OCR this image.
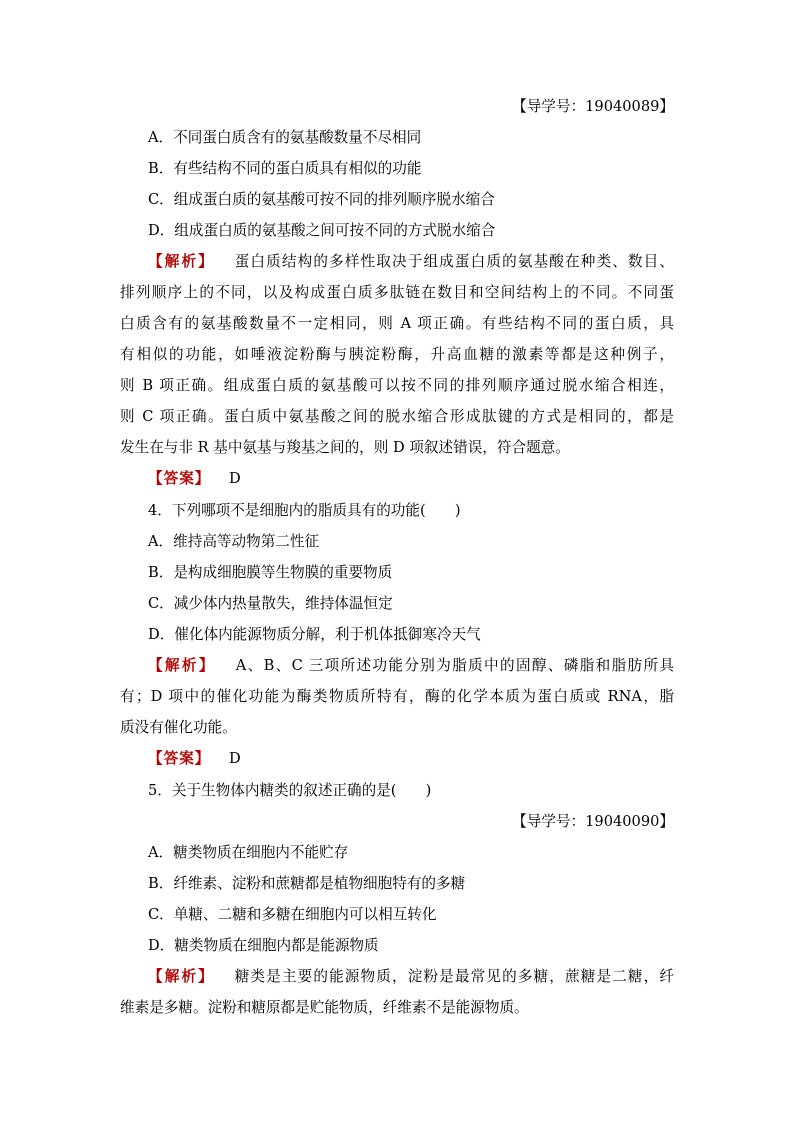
【导学号：19040089】
A．不同蛋白质含有的氨基酸数量不尽相同
B．有些结构不同的蛋白质具有相似的功能
C．组成蛋白质的氨基酸可按不同的排列顺序脱水缩合
D．组成蛋白质的氨基酸之间可按不同的方式脱水缩合
【解析】 蛋白质结构的多样性取决于组成蛋白质的氨基酸在种类、数目、
排列顺序上的不同，以及构成蛋白质多肽链在数目和空间结构上的不同。不同蛋
白质含有的氨基酸数量不一定相同，则 A 项正确。有些结构不同的蛋白质，具
有相似的功能，如唾液淀粉酶与胰淀粉酶，升高血糖的激素等都是这种例子，
则 B 项正确。组成蛋白质的氨基酸可以按不同的排列顺序通过脱水缩合相连，
则 C 项正确。蛋白质中氨基酸之间的脱水缩合形成肽键的方式是相同的，都是
发生在与非 R 基中氨基与羧基之间的，则 D 项叙述错误，符合题意。
【答案】 D
4．下列哪项不是细胞内的脂质具有的功能(　　)
A．维持高等动物第二性征
B．是构成细胞膜等生物膜的重要物质
C．减少体内热量散失，维持体温恒定
D．催化体内能源物质分解，利于机体抵御寒冷天气
【解析】 A、B、C 三项所述功能分别为脂质中的固醇、磷脂和脂肪所具
有；D 项中的催化功能为酶类物质所特有，酶的化学本质为蛋白质或 RNA，脂
质没有催化功能。
【答案】 D
5．关于生物体内糖类的叙述正确的是(　　)
【导学号：19040090】
A．糖类物质在细胞内不能贮存
B．纤维素、淀粉和蔗糖都是植物细胞特有的多糖
C．单糖、二糖和多糖在细胞内可以相互转化
D．糖类物质在细胞内都是能源物质
【解析】 糖类是主要的能源物质，淀粉是最常见的多糖，蔗糖是二糖，纤
维素是多糖。淀粉和糖原都是贮能物质，纤维素不是能源物质。
